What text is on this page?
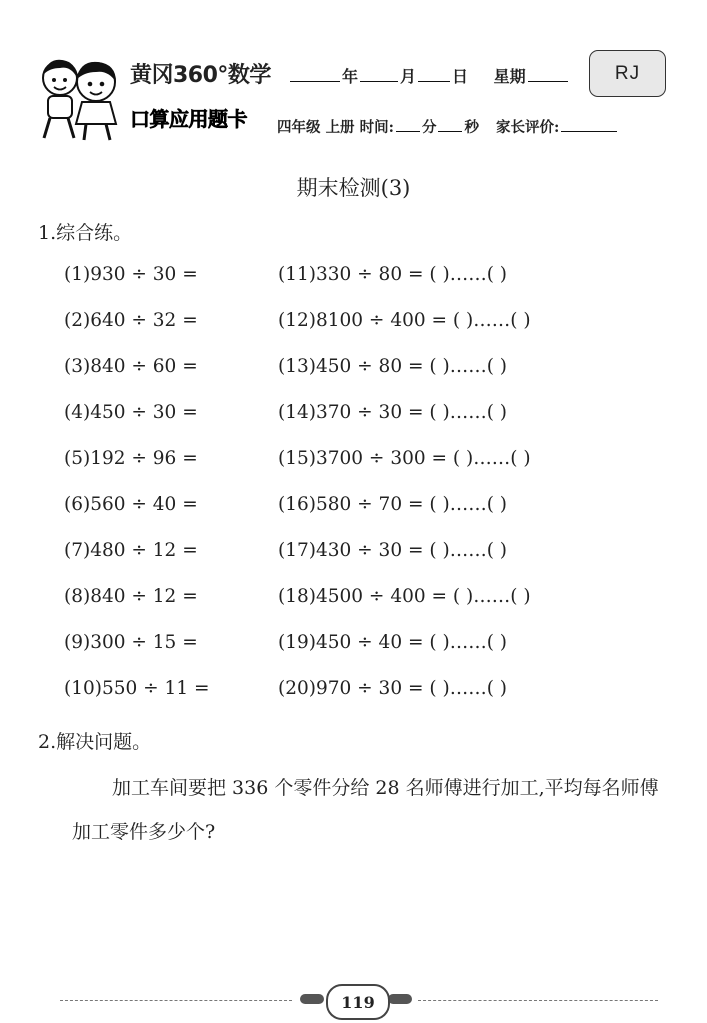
黄冈360°数学
口算应用题卡
年	月 日 星期	RJ
四年级 上册 时间: 分 秒 家长评价:
期末检测(3)
1.综合练。
(1)930 ÷ 30 =
(2)640 ÷ 32 =
(3)840 ÷ 60 =
(4)450 ÷ 30 =
(5)192 ÷ 96 =
(6)560 ÷ 40 =
(7)480 ÷ 12 =
(8)840 ÷ 12 =
(9)300 ÷ 15 =
(10)550 ÷ 11 =
(11)330 ÷ 80 = ( )……( )
(12)8100 ÷ 400 = ( )……( )
(13)450 ÷ 80 = ( )……( )
(14)370 ÷ 30 = ( )……( )
(15)3700 ÷ 300 = ( )……( )
(16)580 ÷ 70 = ( )……( )
(17)430 ÷ 30 = ( )……( )
(18)4500 ÷ 400 = ( )……( )
(19)450 ÷ 40 = ( )……( )
(20)970 ÷ 30 = ( )……( )
2.解决问题。
加工车间要把 336 个零件分给 28 名师傅进行加工,平均每名师傅加工零件多少个?
119
